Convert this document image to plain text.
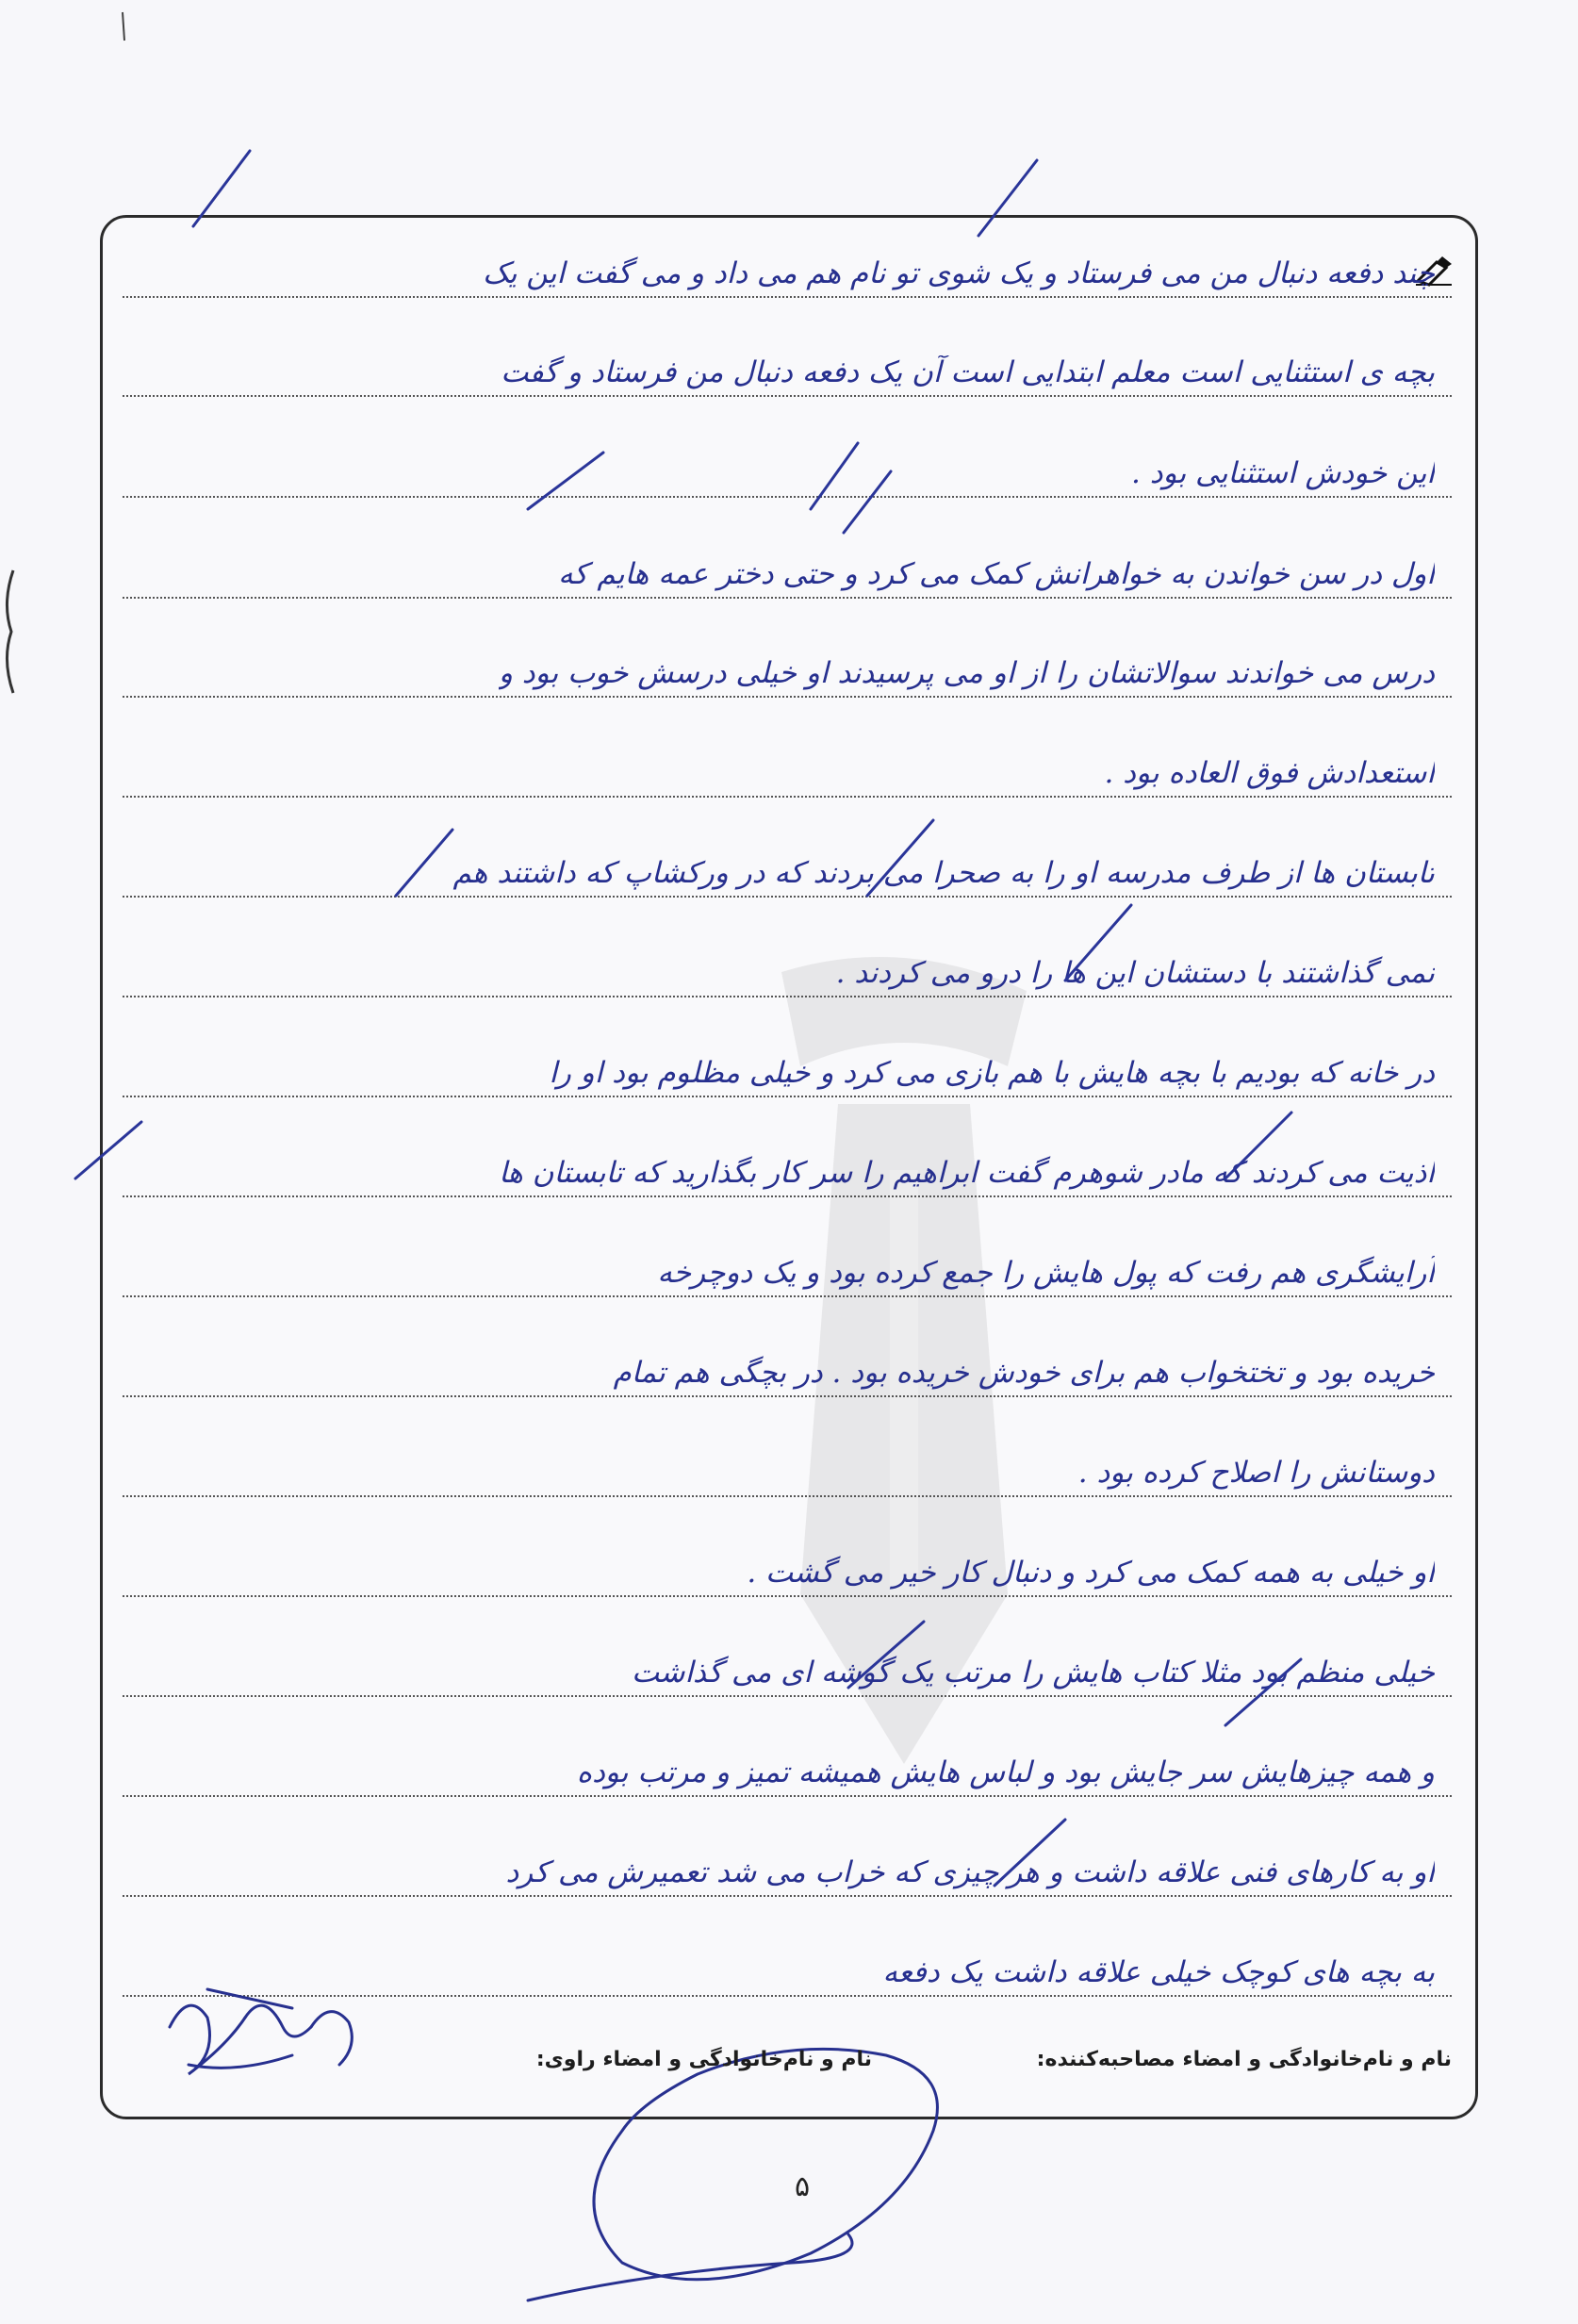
چند دفعه دنبال من می فرستاد و یک شوی تو نام هم می داد و می گفت این یک
بچه ی استثنایی است معلم ابتدایی است آن یک دفعه دنبال من فرستاد و گفت
این خودش استثنایی بود .
اول در سن خواندن به خواهرانش کمک می کرد و حتی دختر عمه هایم که
درس می خواندند سوالاتشان را از او می پرسیدند او خیلی درسش خوب بود و
استعدادش فوق العاده بود .
تابستان ها از طرف مدرسه او را به صحرا می بردند که در ورکشاپ که داشتند هم
نمی گذاشتند با دستشان این ها را درو می کردند .
در خانه که بودیم با بچه هایش با هم بازی می کرد و خیلی مظلوم بود او را
اذیت می کردند که مادر شوهرم گفت ابراهیم را سر کار بگذارید که تابستان ها
آرایشگری هم رفت که پول هایش را جمع کرده بود و یک دوچرخه
خریده بود و تختخواب هم برای خودش خریده بود . در بچگی هم تمام
دوستانش را اصلاح کرده بود .
او خیلی به همه کمک می کرد و دنبال کار خیر می گشت .
خیلی منظم بود مثلا کتاب هایش را مرتب یک گوشه ای می گذاشت
و همه چیزهایش سر جایش بود و لباس هایش همیشه تمیز و مرتب بوده
او به کارهای فنی علاقه داشت و هر چیزی که خراب می شد تعمیرش می کرد
به بچه های کوچک خیلی علاقه داشت یک دفعه
نام و نام‌خانوادگی و امضاء مصاحبه‌کننده:
نام و نام‌خانوادگی و امضاء راوی:
۵
